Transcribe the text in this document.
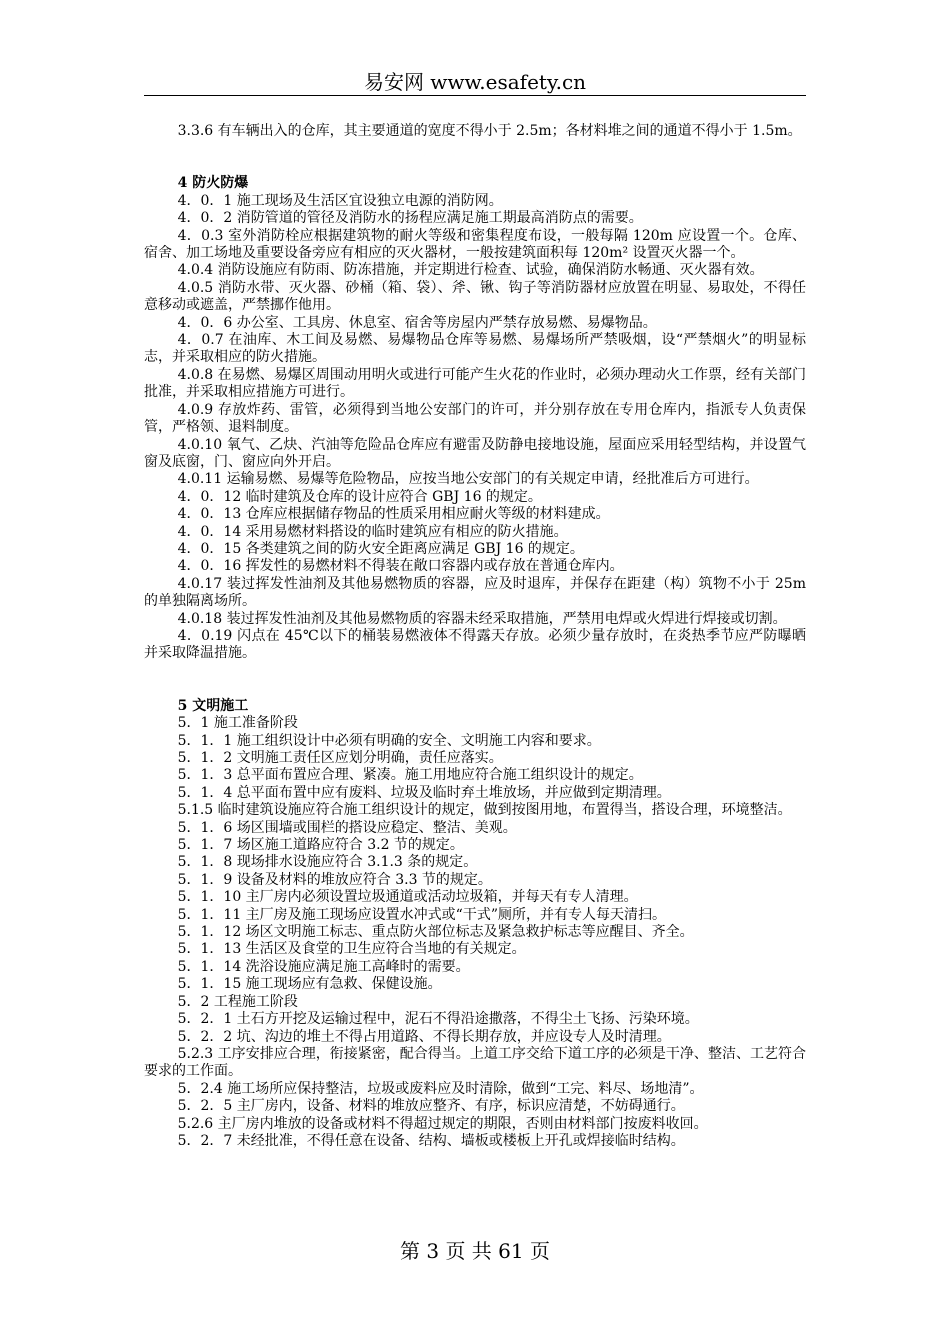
易安网 www.esafety.cn
3.3.6 有车辆出入的仓库，其主要通道的宽度不得小于 2.5m；各材料堆之间的通道不得小于 1.5m。
4 防火防爆
4．0．1 施工现场及生活区宜设独立电源的消防网。
4．0．2 消防管道的管径及消防水的扬程应满足施工期最高消防点的需要。
4．0.3 室外消防栓应根据建筑物的耐火等级和密集程度布设，一般每隔 120m 应设置一个。仓库、宿舍、加工场地及重要设备旁应有相应的灭火器材，一般按建筑面积每 120m² 设置灭火器一个。
4.0.4 消防设施应有防雨、防冻措施，并定期进行检查、试验，确保消防水畅通、灭火器有效。
4.0.5 消防水带、灭火器、砂桶（箱、袋）、斧、锹、钩子等消防器材应放置在明显、易取处，不得任意移动或遮盖，严禁挪作他用。
4．0．6 办公室、工具房、休息室、宿舍等房屋内严禁存放易燃、易爆物品。
4．0.7 在油库、木工间及易燃、易爆物品仓库等易燃、易爆场所严禁吸烟，设“严禁烟火”的明显标志，并采取相应的防火措施。
4.0.8 在易燃、易爆区周围动用明火或进行可能产生火花的作业时，必须办理动火工作票，经有关部门批准，并采取相应措施方可进行。
4.0.9 存放炸药、雷管，必须得到当地公安部门的许可，并分别存放在专用仓库内，指派专人负责保管，严格领、退料制度。
4.0.10 氧气、乙炔、汽油等危险品仓库应有避雷及防静电接地设施，屋面应采用轻型结构，并设置气窗及底窗，门、窗应向外开启。
4.0.11 运输易燃、易爆等危险物品，应按当地公安部门的有关规定申请，经批准后方可进行。
4．0．12 临时建筑及仓库的设计应符合 GBJ 16 的规定。
4．0．13 仓库应根据储存物品的性质采用相应耐火等级的材料建成。
4．0．14 采用易燃材料搭设的临时建筑应有相应的防火措施。
4．0．15 各类建筑之间的防火安全距离应满足 GBJ 16 的规定。
4．0．16 挥发性的易燃材料不得装在敞口容器内或存放在普通仓库内。
4.0.17 装过挥发性油剂及其他易燃物质的容器，应及时退库，并保存在距建（构）筑物不小于 25m 的单独隔离场所。
4.0.18 装过挥发性油剂及其他易燃物质的容器未经采取措施，严禁用电焊或火焊进行焊接或切割。
4．0.19 闪点在 45℃以下的桶装易燃液体不得露天存放。必须少量存放时，在炎热季节应严防曝晒并采取降温措施。
5 文明施工
5．1 施工准备阶段
5．1．1 施工组织设计中必须有明确的安全、文明施工内容和要求。
5．1．2 文明施工责任区应划分明确，责任应落实。
5．1．3 总平面布置应合理、紧凑。施工用地应符合施工组织设计的规定。
5．1．4 总平面布置中应有废料、垃圾及临时弃土堆放场，并应做到定期清理。
5.1.5 临时建筑设施应符合施工组织设计的规定，做到按图用地，布置得当，搭设合理，环境整洁。
5．1．6 场区围墙或围栏的搭设应稳定、整洁、美观。
5．1．7 场区施工道路应符合 3.2 节的规定。
5．1．8 现场排水设施应符合 3.1.3 条的规定。
5．1．9 设备及材料的堆放应符合 3.3 节的规定。
5．1．10 主厂房内必须设置垃圾通道或活动垃圾箱，并每天有专人清理。
5．1．11 主厂房及施工现场应设置水冲式或“干式”厕所，并有专人每天清扫。
5．1．12 场区文明施工标志、重点防火部位标志及紧急救护标志等应醒目、齐全。
5．1．13 生活区及食堂的卫生应符合当地的有关规定。
5．1．14 洗浴设施应满足施工高峰时的需要。
5．1．15 施工现场应有急救、保健设施。
5．2 工程施工阶段
5．2．1 土石方开挖及运输过程中，泥石不得沿途撒落，不得尘土飞扬、污染环境。
5．2．2 坑、沟边的堆土不得占用道路、不得长期存放，并应设专人及时清理。
5.2.3 工序安排应合理，衔接紧密，配合得当。上道工序交给下道工序的必须是干净、整洁、工艺符合要求的工作面。
5．2.4 施工场所应保持整洁，垃圾或废料应及时清除，做到“工完、料尽、场地清”。
5．2．5 主厂房内，设备、材料的堆放应整齐、有序，标识应清楚，不妨碍通行。
5.2.6 主厂房内堆放的设备或材料不得超过规定的期限，否则由材料部门按废料收回。
5．2．7 未经批准，不得任意在设备、结构、墙板或楼板上开孔或焊接临时结构。
第 3 页 共 61 页
